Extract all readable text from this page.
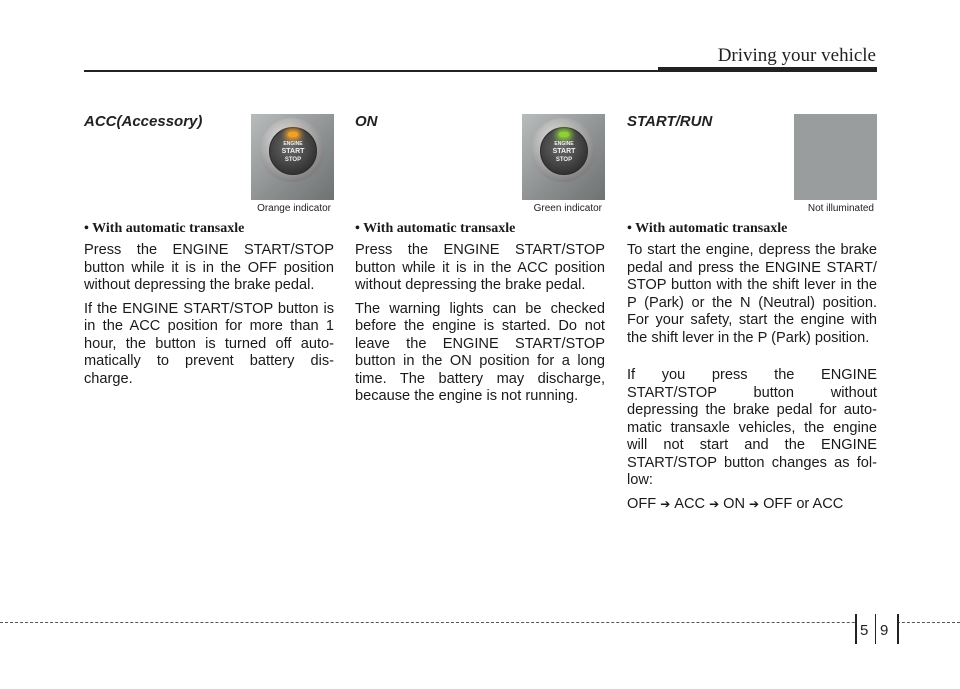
Driving your vehicle
ACC(Accessory)
ENGINE
START
STOP
Orange indicator

• With automatic transaxle

Press the ENGINE START/STOP button while it is in the OFF position without depressing the brake pedal.

If the ENGINE START/STOP button is in the ACC position for more than 1 hour, the button is turned off auto-matically to prevent battery dis-charge.

ON
ENGINE
START
STOP
Green indicator

• With automatic transaxle

Press the ENGINE START/STOP button while it is in the ACC position without depressing the brake pedal.

The warning lights can be checked before the engine is started. Do not leave the ENGINE START/STOP button in the ON position for a long time. The battery may discharge, because the engine is not running.

START/RUN
Not illuminated

• With automatic transaxle

To start the engine, depress the brake pedal and press the ENGINE START/ STOP button with the shift lever in the P (Park) or the N (Neutral) position. For your safety, start the engine with the shift lever in the P (Park) position.

If you press the ENGINE START/STOP button without depressing the brake pedal for auto-matic transaxle vehicles, the engine will not start and the ENGINE START/STOP button changes as fol-low:

OFF ➔ ACC ➔ ON ➔ OFF or ACC

5 9
